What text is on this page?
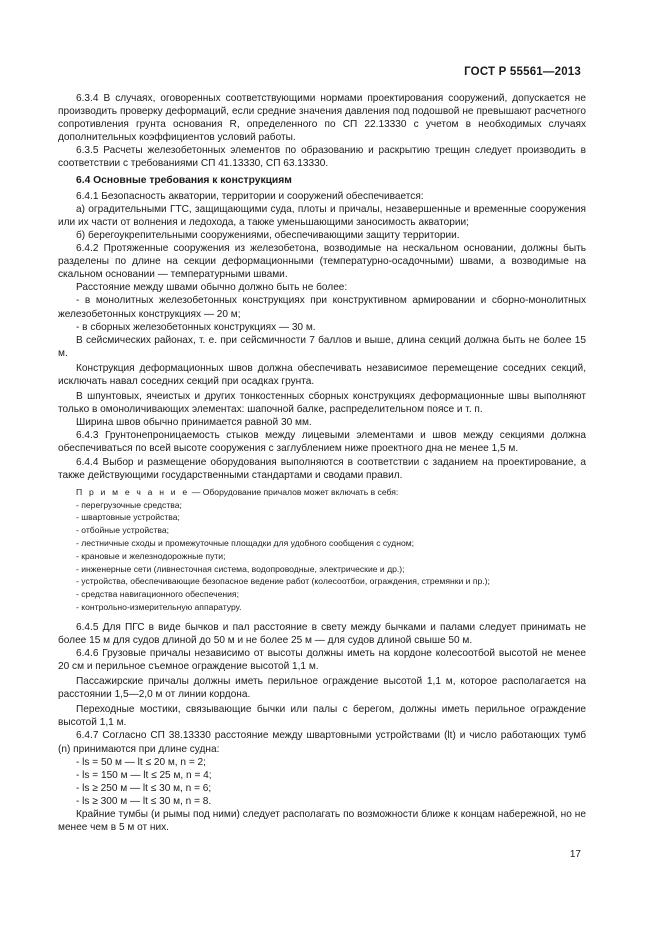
ГОСТ Р 55561—2013

6.3.4 В случаях, оговоренных соответствующими нормами проектирования сооружений, допускается не производить проверку деформаций, если средние значения давления под подошвой не превышают расчетного сопротивления грунта основания R, определенного по СП 22.13330 с учетом в необходимых случаях дополнительных коэффициентов условий работы.

6.3.5 Расчеты железобетонных элементов по образованию и раскрытию трещин следует производить в соответствии с требованиями СП 41.13330, СП 63.13330.

6.4 Основные требования к конструкциям

6.4.1 Безопасность акватории, территории и сооружений обеспечивается:

а) оградительными ГТС, защищающими суда, плоты и причалы, незавершенные и временные сооружения или их части от волнения и ледохода, а также уменьшающими заносимость акватории;

б) берегоукрепительными сооружениями, обеспечивающими защиту территории.

6.4.2 Протяженные сооружения из железобетона, возводимые на нескальном основании, должны быть разделены по длине на секции деформационными (температурно-осадочными) швами, а возводимые на скальном основании — температурными швами.

Расстояние между швами обычно должно быть не более:

- в монолитных железобетонных конструкциях при конструктивном армировании и сборно-монолитных железобетонных конструкциях — 20 м;

- в сборных железобетонных конструкциях — 30 м.

В сейсмических районах, т. е. при сейсмичности 7 баллов и выше, длина секций должна быть не более 15 м.

Конструкция деформационных швов должна обеспечивать независимое перемещение соседних секций, исключать навал соседних секций при осадках грунта.

В шпунтовых, ячеистых и других тонкостенных сборных конструкциях деформационные швы выполняют только в омоноличивающих элементах: шапочной балке, распределительном поясе и т. п.

Ширина швов обычно принимается равной 30 мм.

6.4.3 Грунтонепроницаемость стыков между лицевыми элементами и швов между секциями должна обеспечиваться по всей высоте сооружения с заглублением ниже проектного дна не менее 1,5 м.

6.4.4 Выбор и размещение оборудования выполняются в соответствии с заданием на проектирование, а также действующими государственными стандартами и сводами правил.

П р и м е ч а н и е — Оборудование причалов может включать в себя:

- перегрузочные средства;

- швартовные устройства;

- отбойные устройства;

- лестничные сходы и промежуточные площадки для удобного сообщения с судном;

- крановые и железнодорожные пути;

- инженерные сети (ливнесточная система, водопроводные, электрические и др.);

- устройства, обеспечивающие безопасное ведение работ (колесоотбои, ограждения, стремянки и пр.);

- средства навигационного обеспечения;

- контрольно-измерительную аппаратуру.

6.4.5 Для ПГС в виде бычков и пал расстояние в свету между бычками и палами следует принимать не более 15 м для судов длиной до 50 м и не более 25 м — для судов длиной свыше 50 м.

6.4.6 Грузовые причалы независимо от высоты должны иметь на кордоне колесоотбой высотой не менее 20 см и перильное съемное ограждение высотой 1,1 м.

Пассажирские причалы должны иметь перильное ограждение высотой 1,1 м, которое располагается на расстоянии 1,5—2,0 м от линии кордона.

Переходные мостики, связывающие бычки или палы с берегом, должны иметь перильное ограждение высотой 1,1 м.

6.4.7 Согласно СП 38.13330 расстояние между швартовными устройствами (lt) и число работающих тумб (n) принимаются при длине судна:

- ls = 50 м — lt ≤ 20 м, n = 2;

- ls = 150 м — lt ≤ 25 м, n = 4;

- ls ≥ 250 м — lt ≤ 30 м, n = 6;

- ls ≥ 300 м — lt ≤ 30 м, n = 8.

Крайние тумбы (и рымы под ними) следует располагать по возможности ближе к концам набережной, но не менее чем в 5 м от них.

17
